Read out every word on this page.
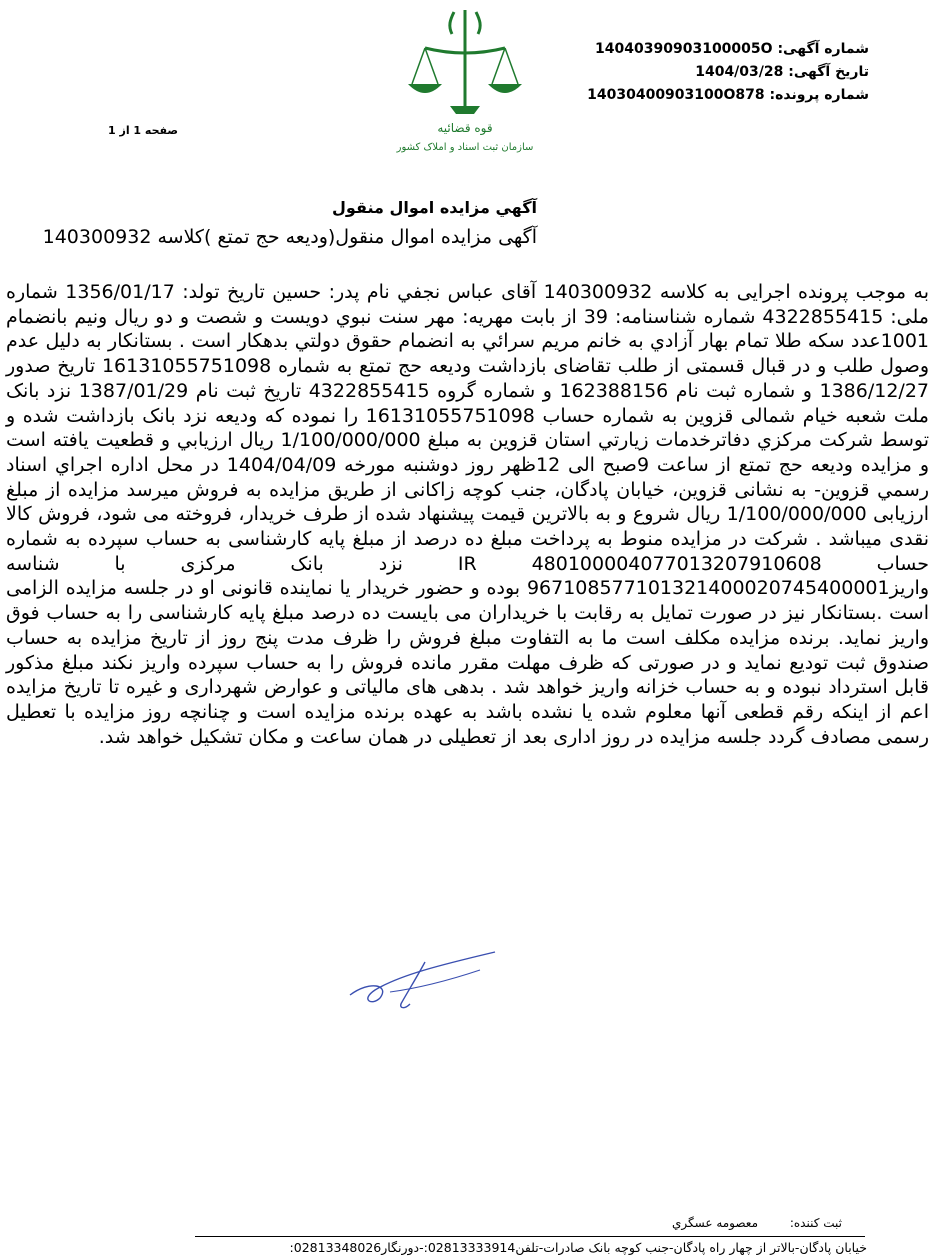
قوه قضائیه
سازمان ثبت اسناد و املاک کشور
صفحه 1 از 1
شماره آگهی: 14040390903100005O
تاریخ آگهی: 1404/03/28
شماره پرونده: 14030400903100O878
آگهي مزايده اموال منقول
آگهی مزایده اموال منقول(ودیعه حج تمتع )کلاسه 140300932
به موجب پرونده اجرایی به کلاسه 140300932 آقای عباس نجفي نام پدر: حسین تاريخ تولد: 1356/01/17 شماره ملی: 4322855415 شماره شناسنامه: 39 از بابت مهريه: مهر سنت نبوي دويست و شصت و دو ريال ونيم بانضمام 1001عدد سکه طلا تمام بهار آزادي به خانم مريم سرائي به انضمام حقوق دولتي بدهکار است . بستانکار به دلیل عدم وصول طلب و در قبال قسمتی از طلب تقاضای بازداشت ودیعه حج تمتع به شماره 16131055751098 تاريخ صدور 1386/12/27 و شماره ثبت نام 162388156 و شماره گروه 4322855415 تاريخ ثبت نام 1387/01/29 نزد بانک ملت شعبه خیام شمالی قزوین به شماره حساب 16131055751098 را نموده که ودیعه نزد بانک بازداشت شده و توسط شرکت مرکزي دفاترخدمات زيارتي استان قزوین به مبلغ 1/100/000/000 ريال ارزيابي و قطعيت يافته است و مزایده ودیعه حج تمتع از ساعت 9صبح الی 12ظهر روز دوشنبه مورخه 1404/04/09 در محل اداره اجراي اسناد رسمي قزوين- به نشانی قزوین، خیابان پادگان، جنب کوچه زاکانی از طريق مزايده به فروش میرسد مزایده از مبلغ ارزیابی 1/100/000/000 ریال شروع و به بالاترین قیمت پیشنهاد شده از طرف خریدار، فروخته می شود، فروش کالا نقدی میباشد . شرکت در مزایده منوط به پرداخت مبلغ ده درصد از مبلغ پایه کارشناسی به حساب سپرده به شماره حساب IR 480100004077013207910608 نزد بانک مرکزی با شناسه واریز967108577101321400020745400001 بوده و حضور خریدار یا نماینده قانونی او در جلسه مزایده الزامی است .بستانکار نیز در صورت تمایل به رقابت با خریداران می بایست ده درصد مبلغ پایه کارشناسی را به حساب فوق واریز نماید. برنده مزایده مکلف است ما به التفاوت مبلغ فروش را ظرف مدت پنج روز از تاریخ مزایده به حساب صندوق ثبت تودیع نماید و در صورتی که ظرف مهلت مقرر مانده فروش را به حساب سپرده واریز نکند مبلغ مذکور قابل استرداد نبوده و به حساب خزانه واریز خواهد شد . بدهی های مالیاتی و عوارض شهرداری و غیره تا تاریخ مزایده اعم از اینکه رقم قطعی آنها معلوم شده یا نشده باشد به عهده برنده مزایده است و چنانچه روز مزایده با تعطیل رسمی مصادف گردد جلسه مزایده در روز اداری بعد از تعطیلی در همان ساعت و مکان تشکیل خواهد شد.
ثبت کننده: معصومه عسگري
خیابان پادگان-بالاتر از چهار راه پادگان-جنب کوچه بانک صادرات-تلفن02813333914:-دورنگار02813348026:
